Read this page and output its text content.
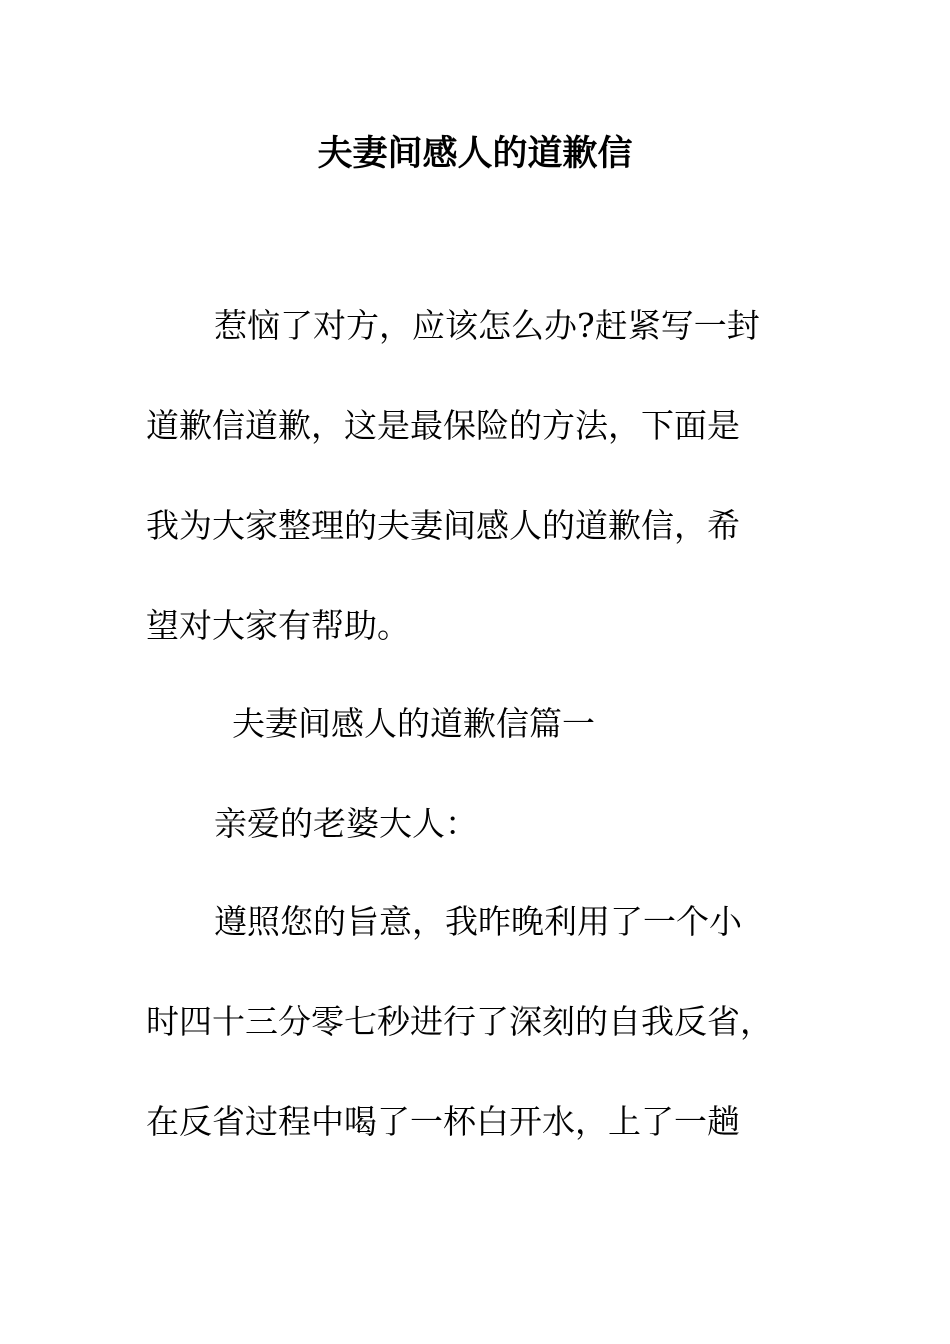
夫妻间感人的道歉信
惹恼了对方，应该怎么办?赶紧写一封
道歉信道歉，这是最保险的方法，下面是
我为大家整理的夫妻间感人的道歉信，希
望对大家有帮助。
夫妻间感人的道歉信篇一
亲爱的老婆大人：
遵照您的旨意，我昨晚利用了一个小
时四十三分零七秒进行了深刻的自我反省，
在反省过程中喝了一杯白开水，上了一趟
